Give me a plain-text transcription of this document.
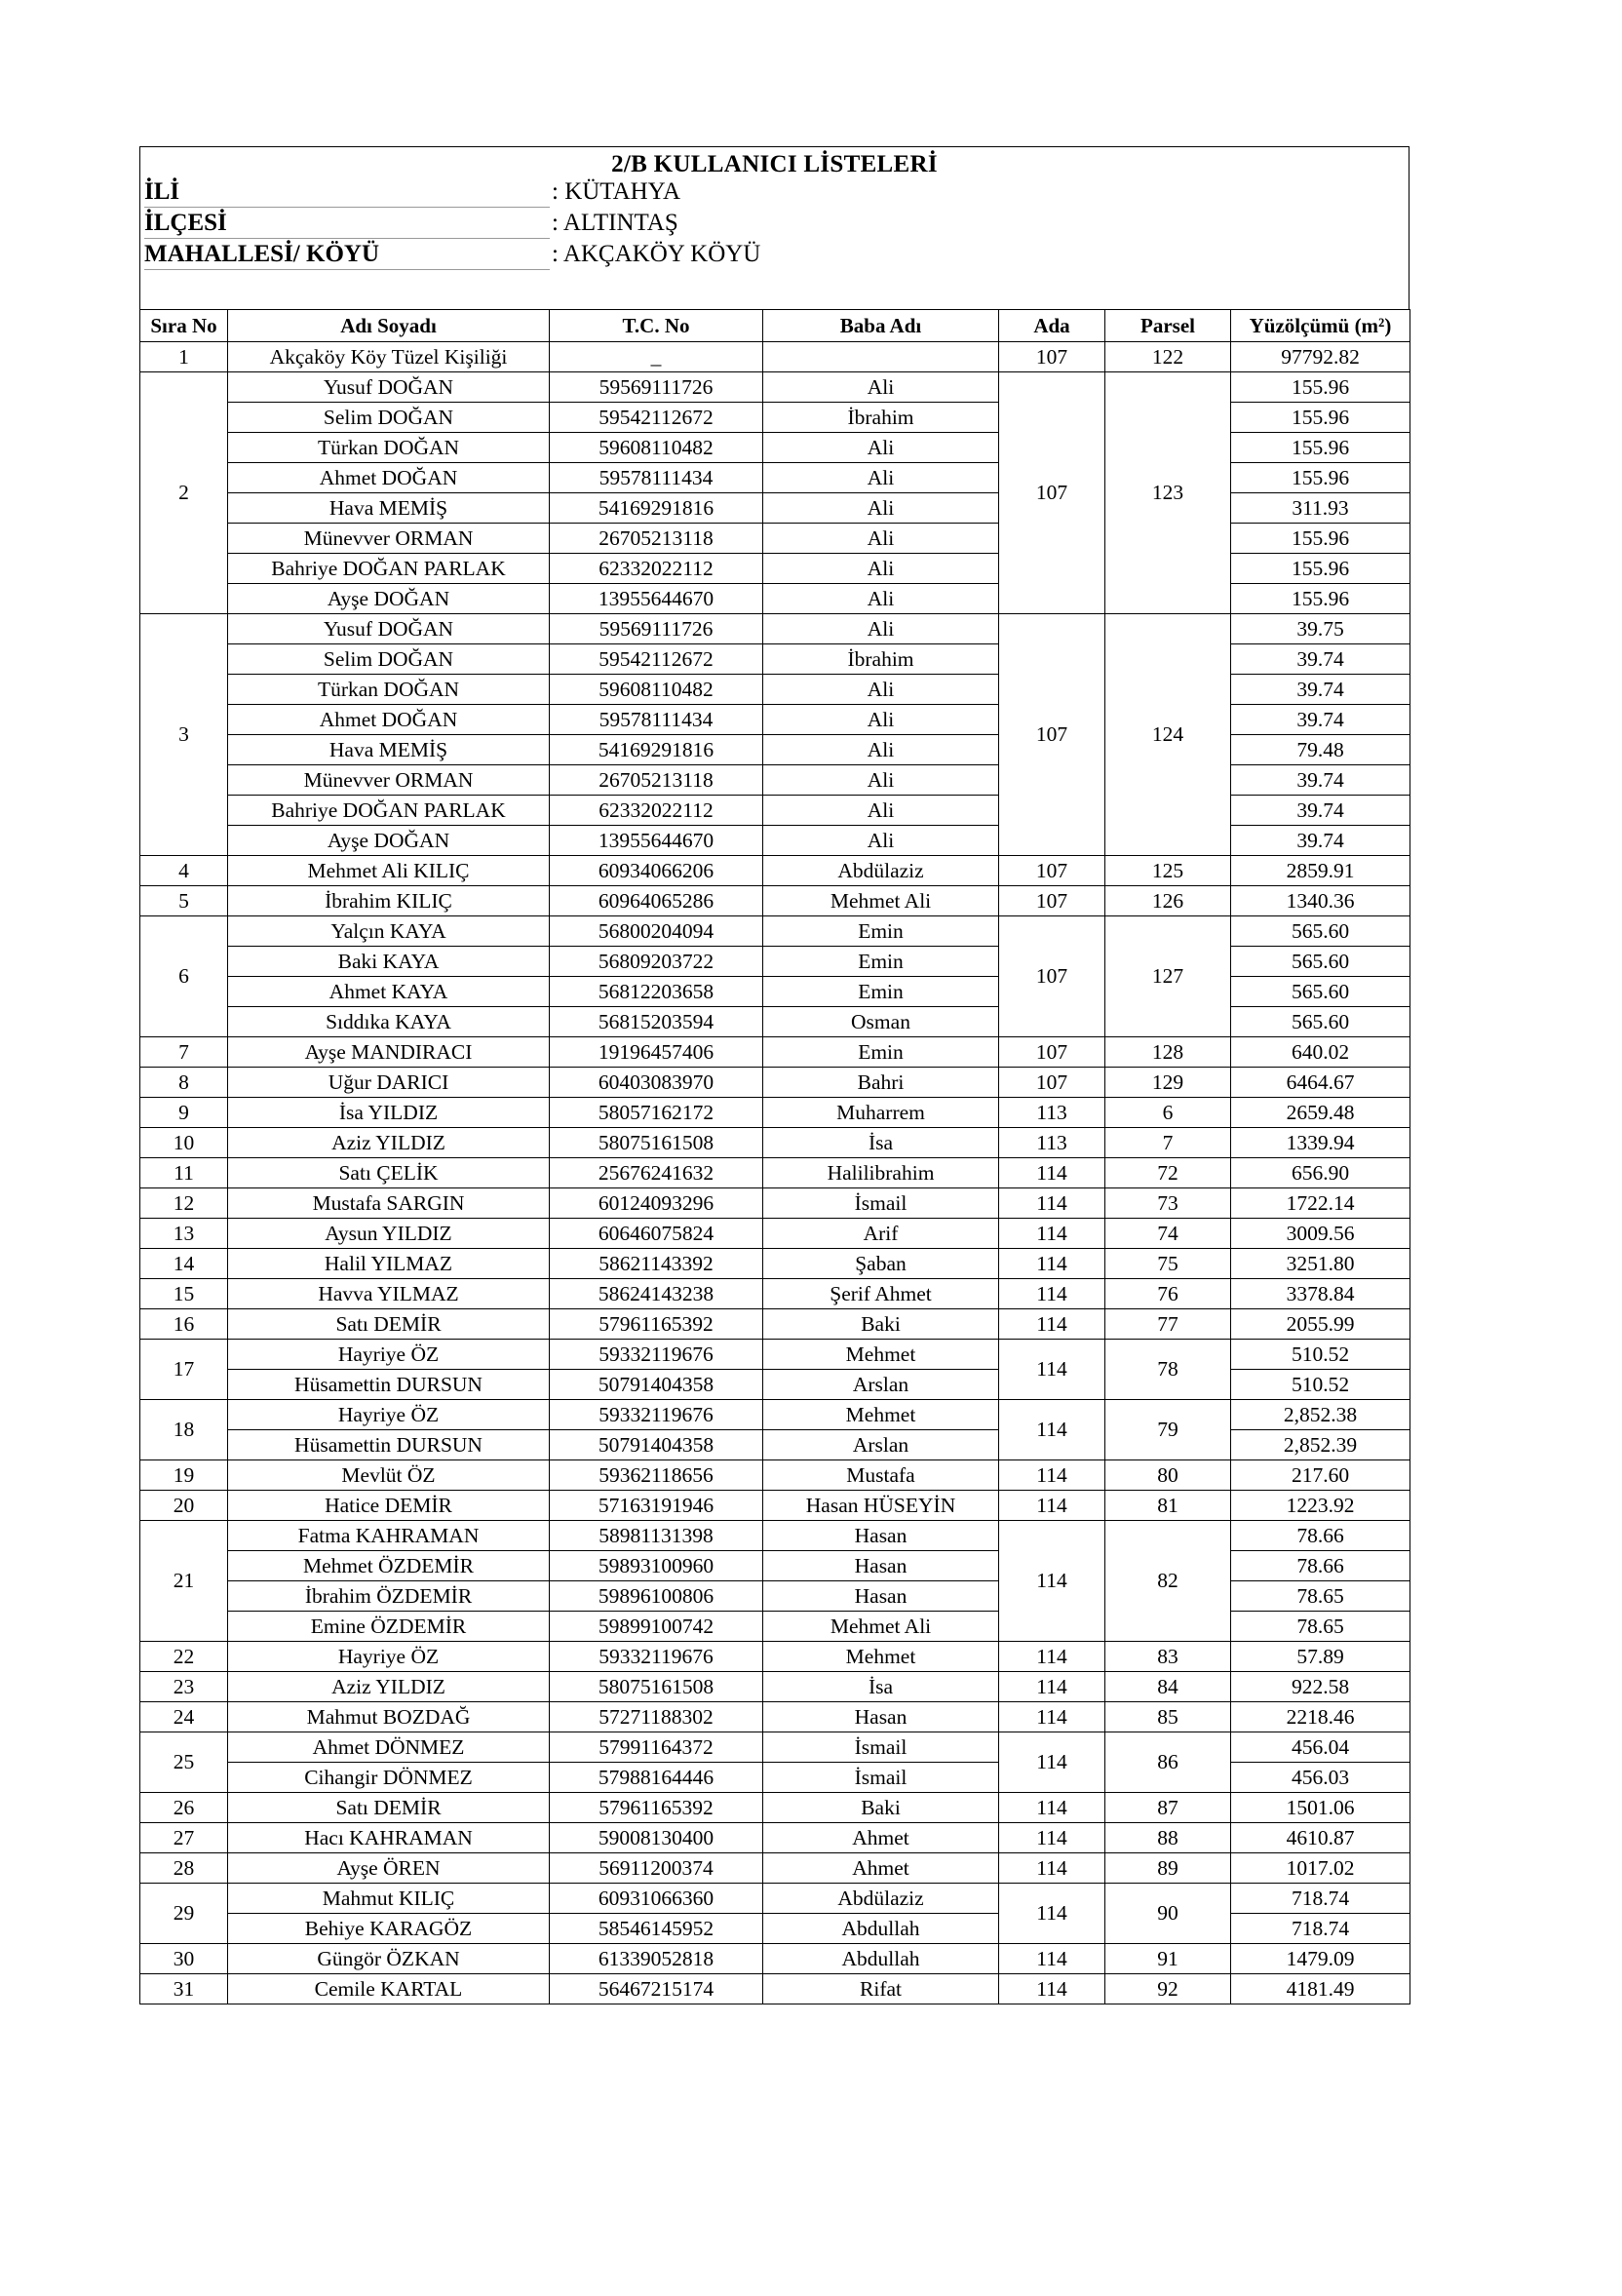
2/B KULLANICI LİSTELERİ
İLİ	: KÜTAHYA
İLÇESİ	: ALTINTAŞ
MAHALLESİ/ KÖYÜ	: AKÇAKÖY KÖYÜ
Sıra No	Adı Soyadı	T.C. No	Baba Adı	Ada	Parsel	Yüzölçümü (m²)
1	Akçaköy Köy Tüzel Kişiliği	_		107	122	97792.82
2	Yusuf DOĞAN	59569111726	Ali	107	123	155.96
	Selim DOĞAN	59542112672	İbrahim			155.96
	Türkan DOĞAN	59608110482	Ali			155.96
	Ahmet DOĞAN	59578111434	Ali			155.96
	Hava MEMİŞ	54169291816	Ali			311.93
	Münevver ORMAN	26705213118	Ali			155.96
	Bahriye DOĞAN PARLAK	62332022112	Ali			155.96
	Ayşe DOĞAN	13955644670	Ali			155.96
3	Yusuf DOĞAN	59569111726	Ali	107	124	39.75
	Selim DOĞAN	59542112672	İbrahim			39.74
	Türkan DOĞAN	59608110482	Ali			39.74
	Ahmet DOĞAN	59578111434	Ali			39.74
	Hava MEMİŞ	54169291816	Ali			79.48
	Münevver ORMAN	26705213118	Ali			39.74
	Bahriye DOĞAN PARLAK	62332022112	Ali			39.74
	Ayşe DOĞAN	13955644670	Ali			39.74
4	Mehmet Ali KILIÇ	60934066206	Abdülaziz	107	125	2859.91
5	İbrahim KILIÇ	60964065286	Mehmet Ali	107	126	1340.36
6	Yalçın KAYA	56800204094	Emin	107	127	565.60
	Baki KAYA	56809203722	Emin			565.60
	Ahmet KAYA	56812203658	Emin			565.60
	Sıddıka KAYA	56815203594	Osman			565.60
7	Ayşe MANDIRACI	19196457406	Emin	107	128	640.02
8	Uğur DARICI	60403083970	Bahri	107	129	6464.67
9	İsa YILDIZ	58057162172	Muharrem	113	6	2659.48
10	Aziz YILDIZ	58075161508	İsa	113	7	1339.94
11	Satı ÇELİK	25676241632	Halilibrahim	114	72	656.90
12	Mustafa SARGIN	60124093296	İsmail	114	73	1722.14
13	Aysun YILDIZ	60646075824	Arif	114	74	3009.56
14	Halil YILMAZ	58621143392	Şaban	114	75	3251.80
15	Havva YILMAZ	58624143238	Şerif Ahmet	114	76	3378.84
16	Satı DEMİR	57961165392	Baki	114	77	2055.99
17	Hayriye ÖZ	59332119676	Mehmet	114	78	510.52
	Hüsamettin DURSUN	50791404358	Arslan			510.52
18	Hayriye ÖZ	59332119676	Mehmet	114	79	2,852.38
	Hüsamettin DURSUN	50791404358	Arslan			2,852.39
19	Mevlüt ÖZ	59362118656	Mustafa	114	80	217.60
20	Hatice DEMİR	57163191946	Hasan HÜSEYİN	114	81	1223.92
21	Fatma KAHRAMAN	58981131398	Hasan	114	82	78.66
	Mehmet ÖZDEMİR	59893100960	Hasan			78.66
	İbrahim ÖZDEMİR	59896100806	Hasan			78.65
	Emine ÖZDEMİR	59899100742	Mehmet Ali			78.65
22	Hayriye ÖZ	59332119676	Mehmet	114	83	57.89
23	Aziz YILDIZ	58075161508	İsa	114	84	922.58
24	Mahmut BOZDAĞ	57271188302	Hasan	114	85	2218.46
25	Ahmet DÖNMEZ	57991164372	İsmail	114	86	456.04
	Cihangir DÖNMEZ	57988164446	İsmail			456.03
26	Satı DEMİR	57961165392	Baki	114	87	1501.06
27	Hacı KAHRAMAN	59008130400	Ahmet	114	88	4610.87
28	Ayşe ÖREN	56911200374	Ahmet	114	89	1017.02
29	Mahmut KILIÇ	60931066360	Abdülaziz	114	90	718.74
	Behiye KARAGÖZ	58546145952	Abdullah			718.74
30	Güngör ÖZKAN	61339052818	Abdullah	114	91	1479.09
31	Cemile KARTAL	56467215174	Rifat	114	92	4181.49
